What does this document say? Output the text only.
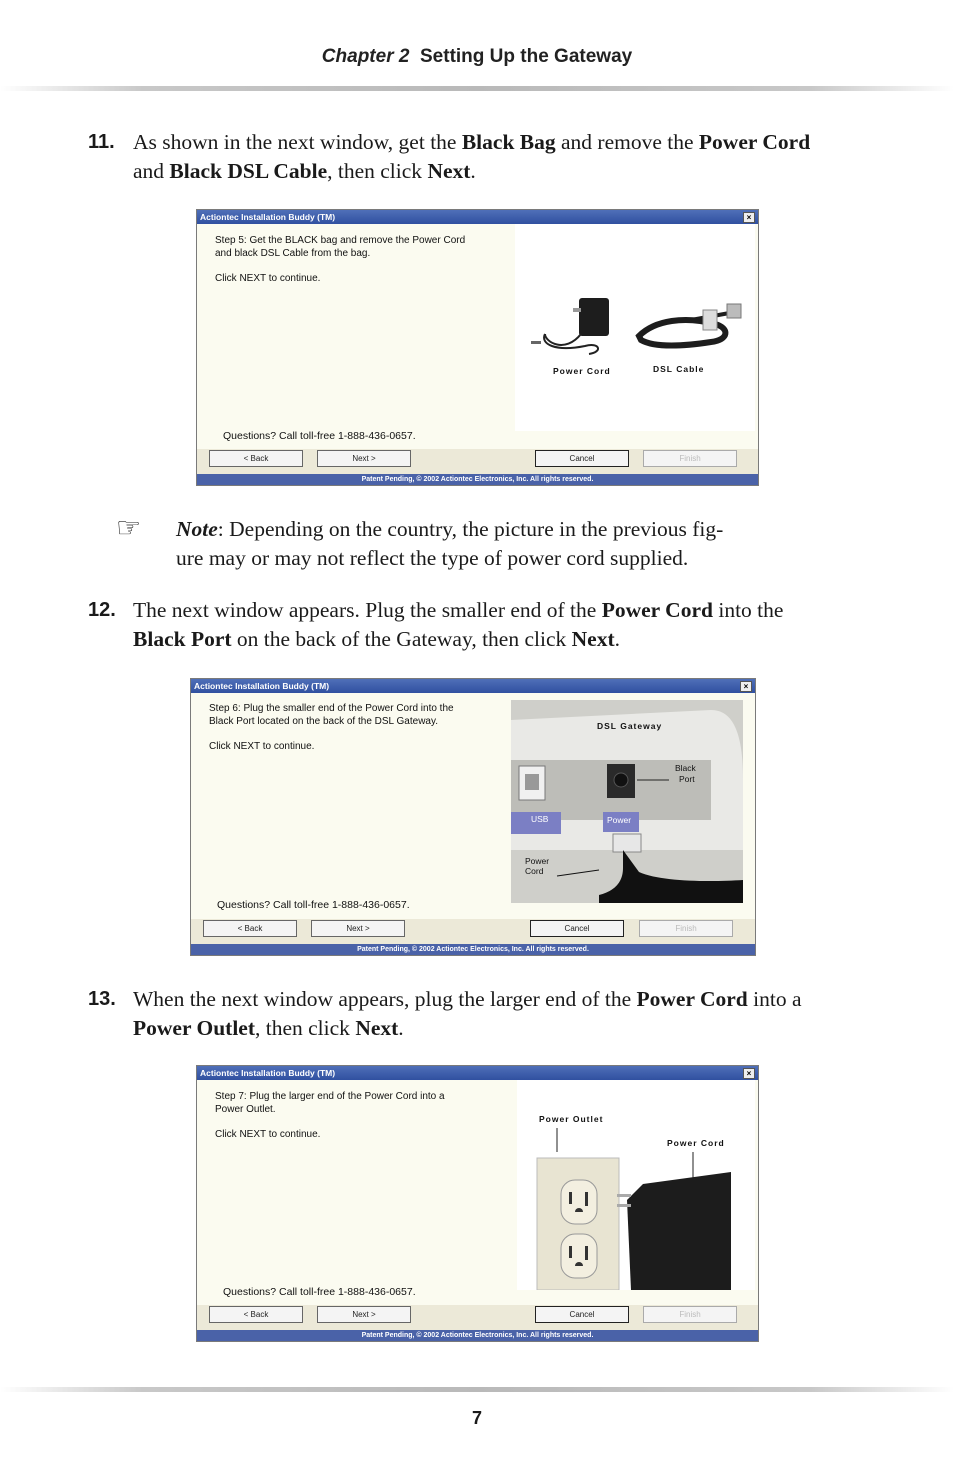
Chapter 2 Setting Up the Gateway
11. As shown in the next window, get the Black Bag and remove the Power Cord
and Black DSL Cable, then click Next.
Actiontec Installation Buddy (TM)	×
Step 5: Get the BLACK bag and remove the Power Cord
and black DSL Cable from the bag.
Click NEXT to continue.
Power Cord	DSL Cable
Questions? Call toll-free 1-888-436-0657.
< Back	Next >	Cancel	Finish
Patent Pending, © 2002 Actiontec Electronics, Inc. All rights reserved.
☞ Note: Depending on the country, the picture in the previous fig-
ure may or may not reflect the type of power cord supplied.
12. The next window appears. Plug the smaller end of the Power Cord into the
Black Port on the back of the Gateway, then click Next.
Actiontec Installation Buddy (TM)	×
Step 6: Plug the smaller end of the Power Cord into the
Black Port located on the back of the DSL Gateway.
Click NEXT to continue.
DSL Gateway
Black
Port
USB	Power
Power
Cord
Questions? Call toll-free 1-888-436-0657.
< Back	Next >	Cancel	Finish
Patent Pending, © 2002 Actiontec Electronics, Inc. All rights reserved.
13. When the next window appears, plug the larger end of the Power Cord into a
Power Outlet, then click Next.
Actiontec Installation Buddy (TM)	×
Step 7: Plug the larger end of the Power Cord into a
Power Outlet.
Click NEXT to continue.
Power Outlet
Power Cord
Questions? Call toll-free 1-888-436-0657.
< Back	Next >	Cancel	Finish
Patent Pending, © 2002 Actiontec Electronics, Inc. All rights reserved.
7
